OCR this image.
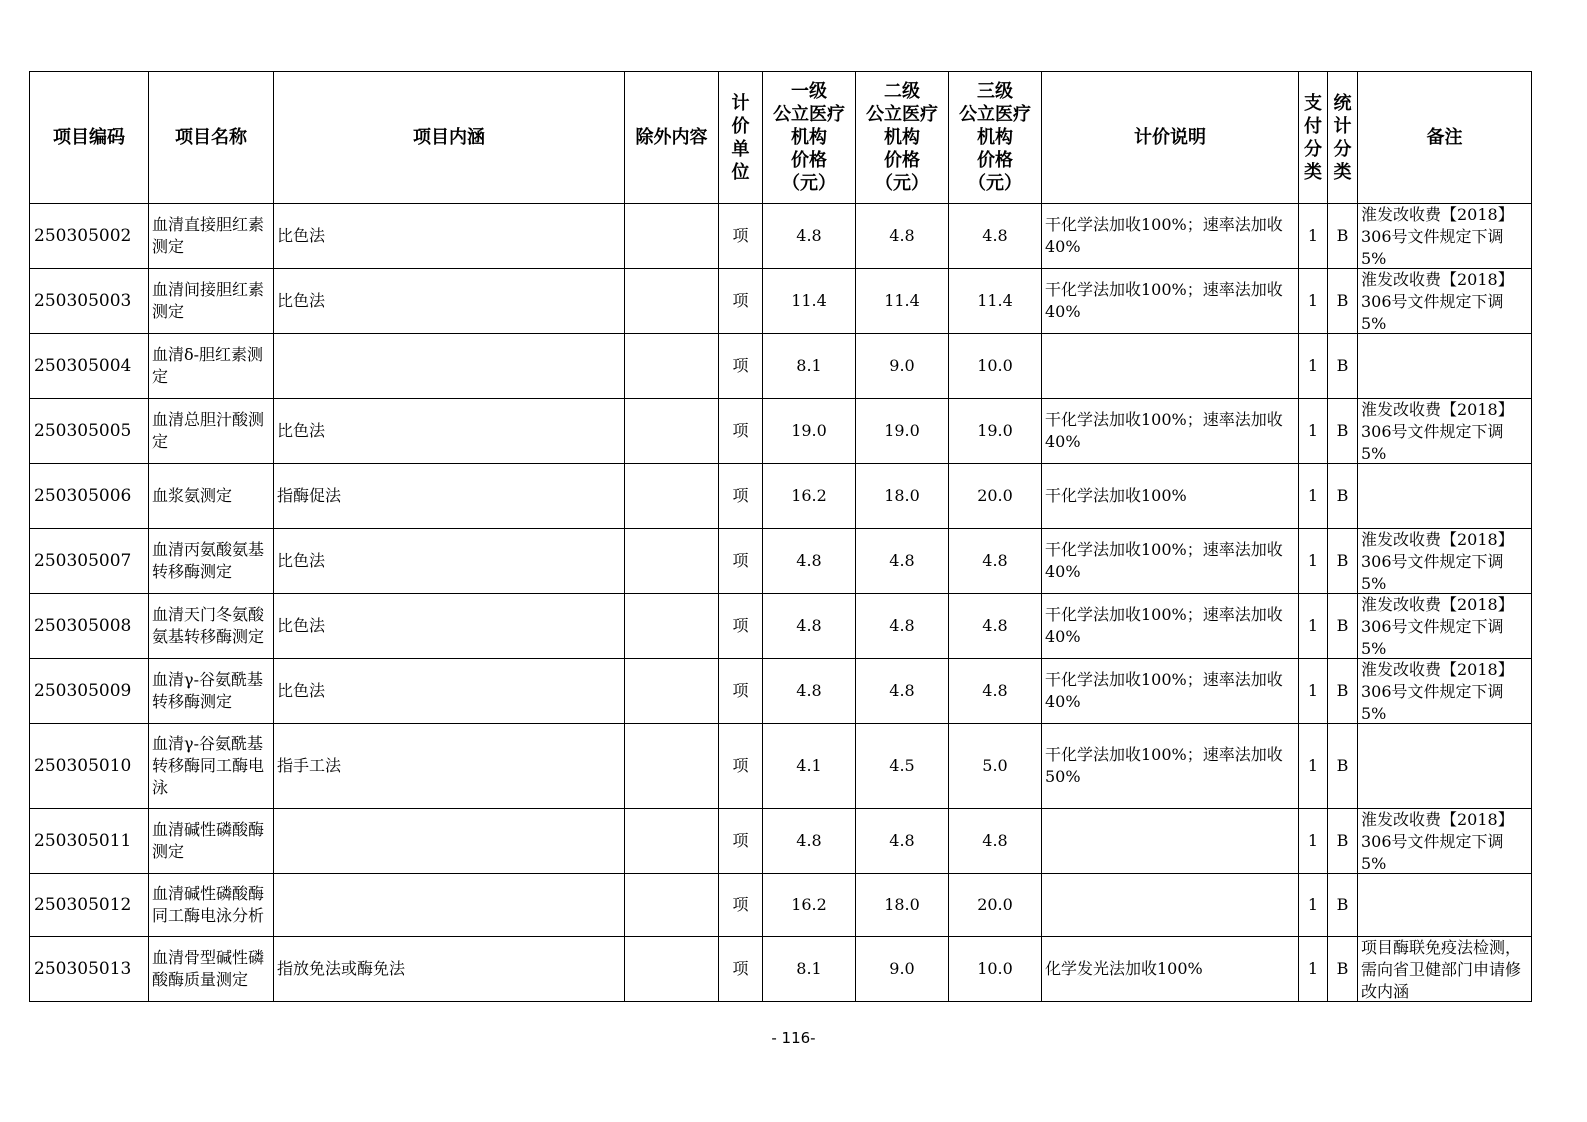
项目编码	项目名称	项目内涵	除外内容	计
价
单
位	一级
公立医疗
机构
价格
（元）	二级
公立医疗
机构
价格
（元）	三级
公立医疗
机构
价格
（元）	计价说明	支
付
分
类	统
计
分
类	备注
250305002	血清直接胆红素测定	比色法		项	4.8	4.8	4.8	干化学法加收100%；速率法加收40%	1	B	淮发改收费【2018】306号文件规定下调5%

250305003	血清间接胆红素测定	比色法		项	11.4	11.4	11.4	干化学法加收100%；速率法加收40%	1	B	淮发改收费【2018】306号文件规定下调5%

250305004	血清δ-胆红素测定			项	8.1	9.0	10.0		1	B	

250305005	血清总胆汁酸测定	比色法		项	19.0	19.0	19.0	干化学法加收100%；速率法加收40%	1	B	淮发改收费【2018】306号文件规定下调5%

250305006	血浆氨测定	指酶促法		项	16.2	18.0	20.0	干化学法加收100%	1	B	

250305007	血清丙氨酸氨基转移酶测定	比色法		项	4.8	4.8	4.8	干化学法加收100%；速率法加收40%	1	B	淮发改收费【2018】306号文件规定下调5%

250305008	血清天门冬氨酸氨基转移酶测定	比色法		项	4.8	4.8	4.8	干化学法加收100%；速率法加收40%	1	B	淮发改收费【2018】306号文件规定下调5%

250305009	血清γ-谷氨酰基转移酶测定	比色法		项	4.8	4.8	4.8	干化学法加收100%；速率法加收40%	1	B	淮发改收费【2018】306号文件规定下调5%

250305010	血清γ-谷氨酰基转移酶同工酶电泳	指手工法		项	4.1	4.5	5.0	干化学法加收100%；速率法加收50%	1	B	

250305011	血清碱性磷酸酶测定			项	4.8	4.8	4.8		1	B	淮发改收费【2018】306号文件规定下调5%

250305012	血清碱性磷酸酶同工酶电泳分析			项	16.2	18.0	20.0		1	B	

250305013	血清骨型碱性磷酸酶质量测定	指放免法或酶免法		项	8.1	9.0	10.0	化学发光法加收100%	1	B	项目酶联免疫法检测，需向省卫健部门申请修改内涵
- 116-
